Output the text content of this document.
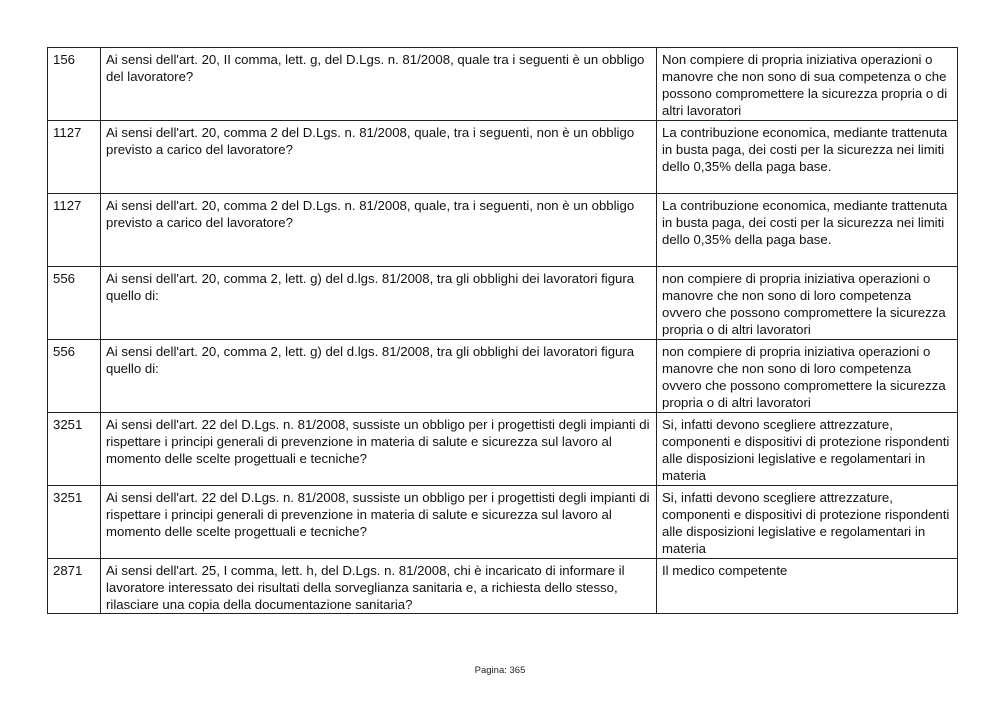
156	Ai sensi dell'art. 20, II comma, lett. g, del D.Lgs. n. 81/2008, quale tra i seguenti è un obbligo del lavoratore?	Non compiere di propria iniziativa operazioni o manovre che non sono di sua competenza o che possono compromettere la sicurezza propria o di altri lavoratori
1127	Ai sensi dell'art. 20, comma 2 del D.Lgs. n. 81/2008, quale, tra i seguenti, non è un obbligo previsto a carico del lavoratore?	La contribuzione economica, mediante trattenuta in busta paga, dei costi per la sicurezza nei limiti dello 0,35% della paga base.
1127	Ai sensi dell'art. 20, comma 2 del D.Lgs. n. 81/2008, quale, tra i seguenti, non è un obbligo previsto a carico del lavoratore?	La contribuzione economica, mediante trattenuta in busta paga, dei costi per la sicurezza nei limiti dello 0,35% della paga base.
556	Ai sensi dell'art. 20, comma 2, lett. g) del d.lgs. 81/2008, tra gli obblighi dei lavoratori figura quello di:	non compiere di propria iniziativa operazioni o manovre che non sono di loro competenza ovvero che possono compromettere la sicurezza propria o di altri lavoratori
556	Ai sensi dell'art. 20, comma 2, lett. g) del d.lgs. 81/2008, tra gli obblighi dei lavoratori figura quello di:	non compiere di propria iniziativa operazioni o manovre che non sono di loro competenza ovvero che possono compromettere la sicurezza propria o di altri lavoratori
3251	Ai sensi dell'art. 22 del D.Lgs. n. 81/2008, sussiste un obbligo per i progettisti degli impianti di rispettare i principi generali di prevenzione in materia di salute e sicurezza sul lavoro al momento delle scelte progettuali e tecniche?	Si, infatti devono scegliere attrezzature, componenti e dispositivi di protezione rispondenti alle disposizioni legislative e regolamentari in materia
3251	Ai sensi dell'art. 22 del D.Lgs. n. 81/2008, sussiste un obbligo per i progettisti degli impianti di rispettare i principi generali di prevenzione in materia di salute e sicurezza sul lavoro al momento delle scelte progettuali e tecniche?	Si, infatti devono scegliere attrezzature, componenti e dispositivi di protezione rispondenti alle disposizioni legislative e regolamentari in materia
2871	Ai sensi dell'art. 25, I comma, lett. h, del D.Lgs. n. 81/2008, chi è incaricato di informare il lavoratore interessato dei risultati della sorveglianza sanitaria e, a richiesta dello stesso, rilasciare una copia della documentazione sanitaria?	Il medico competente
Pagina: 365
